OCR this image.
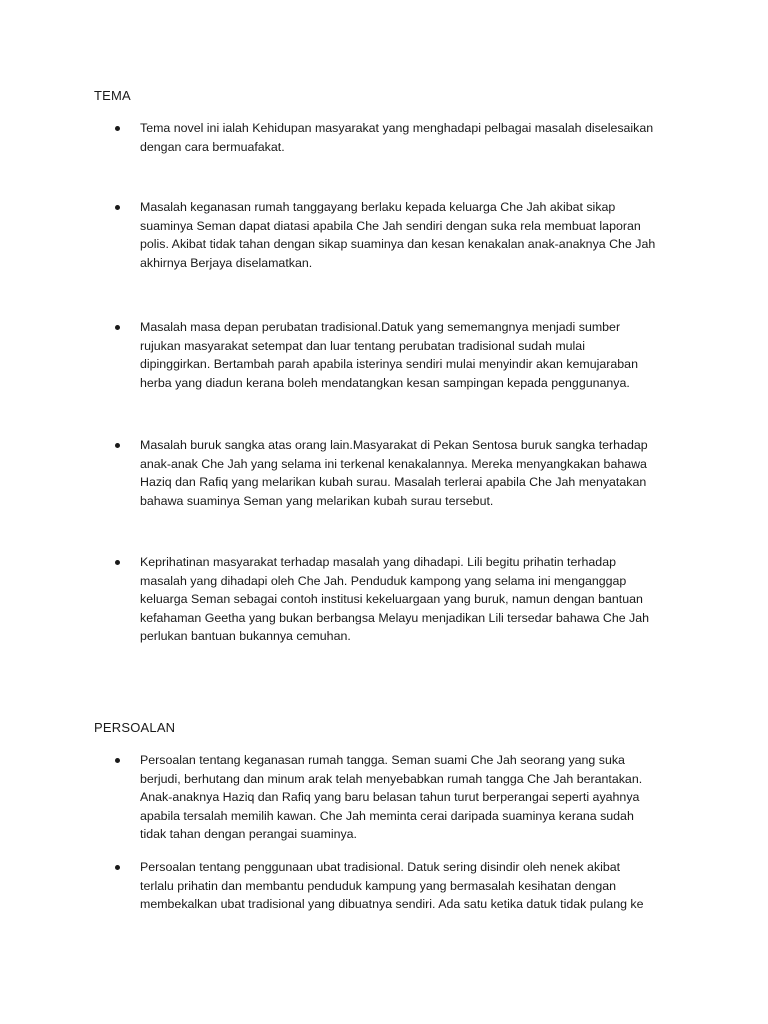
TEMA
Tema novel ini ialah Kehidupan masyarakat yang menghadapi pelbagai masalah diselesaikan
dengan cara bermuafakat.
Masalah keganasan rumah tanggayang berlaku kepada keluarga Che Jah akibat sikap
suaminya Seman dapat diatasi apabila Che Jah sendiri dengan suka rela membuat laporan
polis. Akibat tidak tahan dengan sikap suaminya dan kesan kenakalan anak-anaknya Che Jah
akhirnya Berjaya diselamatkan.
Masalah masa depan perubatan tradisional.Datuk yang sememangnya menjadi sumber
rujukan masyarakat setempat dan luar tentang perubatan tradisional sudah mulai
dipinggirkan. Bertambah parah apabila isterinya sendiri mulai menyindir akan kemujaraban
herba yang diadun kerana boleh mendatangkan kesan sampingan kepada penggunanya.
Masalah buruk sangka atas orang lain.Masyarakat di Pekan Sentosa buruk sangka terhadap
anak-anak Che Jah yang selama ini terkenal kenakalannya. Mereka menyangkakan bahawa
Haziq dan Rafiq yang melarikan kubah surau. Masalah terlerai apabila Che Jah menyatakan
bahawa suaminya Seman yang melarikan kubah surau tersebut.
Keprihatinan masyarakat terhadap masalah yang dihadapi. Lili begitu prihatin terhadap
masalah yang dihadapi oleh Che Jah. Penduduk kampong yang selama ini menganggap
keluarga Seman sebagai contoh institusi kekeluargaan yang buruk, namun dengan bantuan
kefahaman Geetha yang bukan berbangsa Melayu menjadikan Lili tersedar bahawa Che Jah
perlukan bantuan bukannya cemuhan.
PERSOALAN
Persoalan tentang keganasan rumah tangga. Seman suami Che Jah seorang yang suka
berjudi, berhutang dan minum arak telah menyebabkan rumah tangga Che Jah berantakan.
Anak-anaknya Haziq dan Rafiq yang baru belasan tahun turut berperangai seperti ayahnya
apabila tersalah memilih kawan. Che Jah meminta cerai daripada suaminya kerana sudah
tidak tahan dengan perangai suaminya.
Persoalan tentang penggunaan ubat tradisional. Datuk sering disindir oleh nenek akibat
terlalu prihatin dan membantu penduduk kampung yang bermasalah kesihatan dengan
membekalkan ubat tradisional yang dibuatnya sendiri. Ada satu ketika datuk tidak pulang ke
